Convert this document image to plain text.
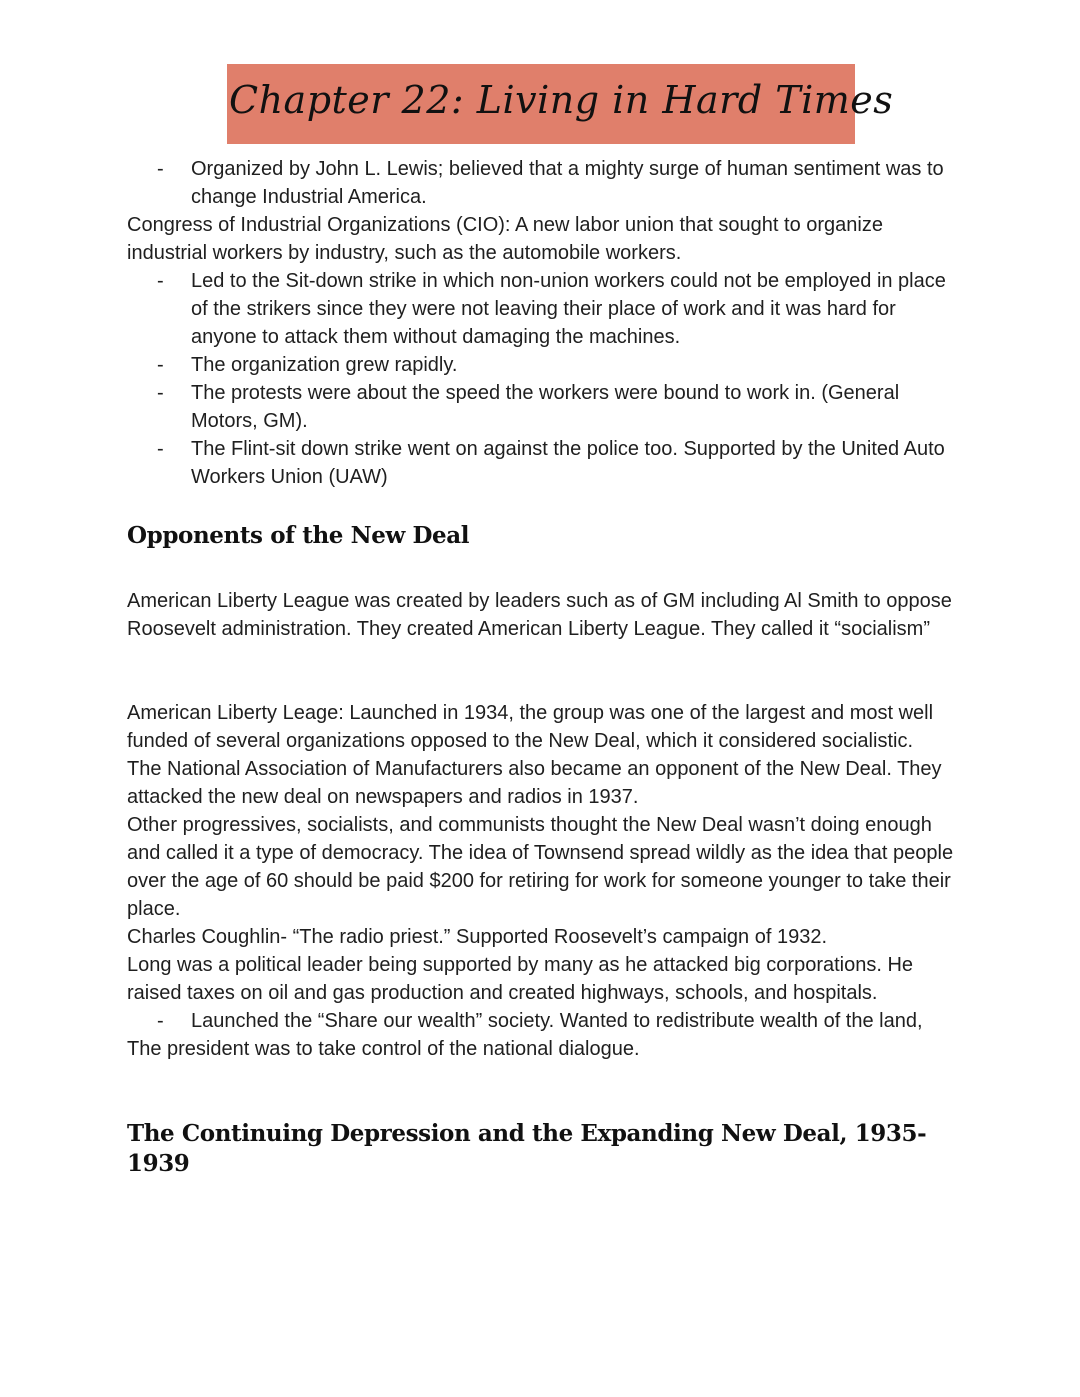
Chapter 22: Living in Hard Times
- Organized by John L. Lewis; believed that a mighty surge of human sentiment was to change Industrial America.

Congress of Industrial Organizations (CIO): A new labor union that sought to organize industrial workers by industry, such as the automobile workers.

- Led to the Sit-down strike in which non-union workers could not be employed in place of the strikers since they were not leaving their place of work and it was hard for anyone to attack them without damaging the machines.
- The organization grew rapidly.
- The protests were about the speed the workers were bound to work in. (General Motors, GM).
- The Flint-sit down strike went on against the police too. Supported by the United Auto Workers Union (UAW)
Opponents of the New Deal

American Liberty League was created by leaders such as of GM including Al Smith to oppose Roosevelt administration. They created American Liberty League. They called it “socialism”

American Liberty Leage: Launched in 1934, the group was one of the largest and most well funded of several organizations opposed to the New Deal, which it considered socialistic.

The National Association of Manufacturers also became an opponent of the New Deal. They attacked the new deal on newspapers and radios in 1937.

Other progressives, socialists, and communists thought the New Deal wasn’t doing enough and called it a type of democracy. The idea of Townsend spread wildly as the idea that people over the age of 60 should be paid $200 for retiring for work for someone younger to take their place.

Charles Coughlin- “The radio priest.” Supported Roosevelt’s campaign of 1932.

Long was a political leader being supported by many as he attacked big corporations. He raised taxes on oil and gas production and created highways, schools, and hospitals.

- Launched the “Share our wealth” society. Wanted to redistribute wealth of the land,

The president was to take control of the national dialogue.

The Continuing Depression and the Expanding New Deal, 1935-1939
